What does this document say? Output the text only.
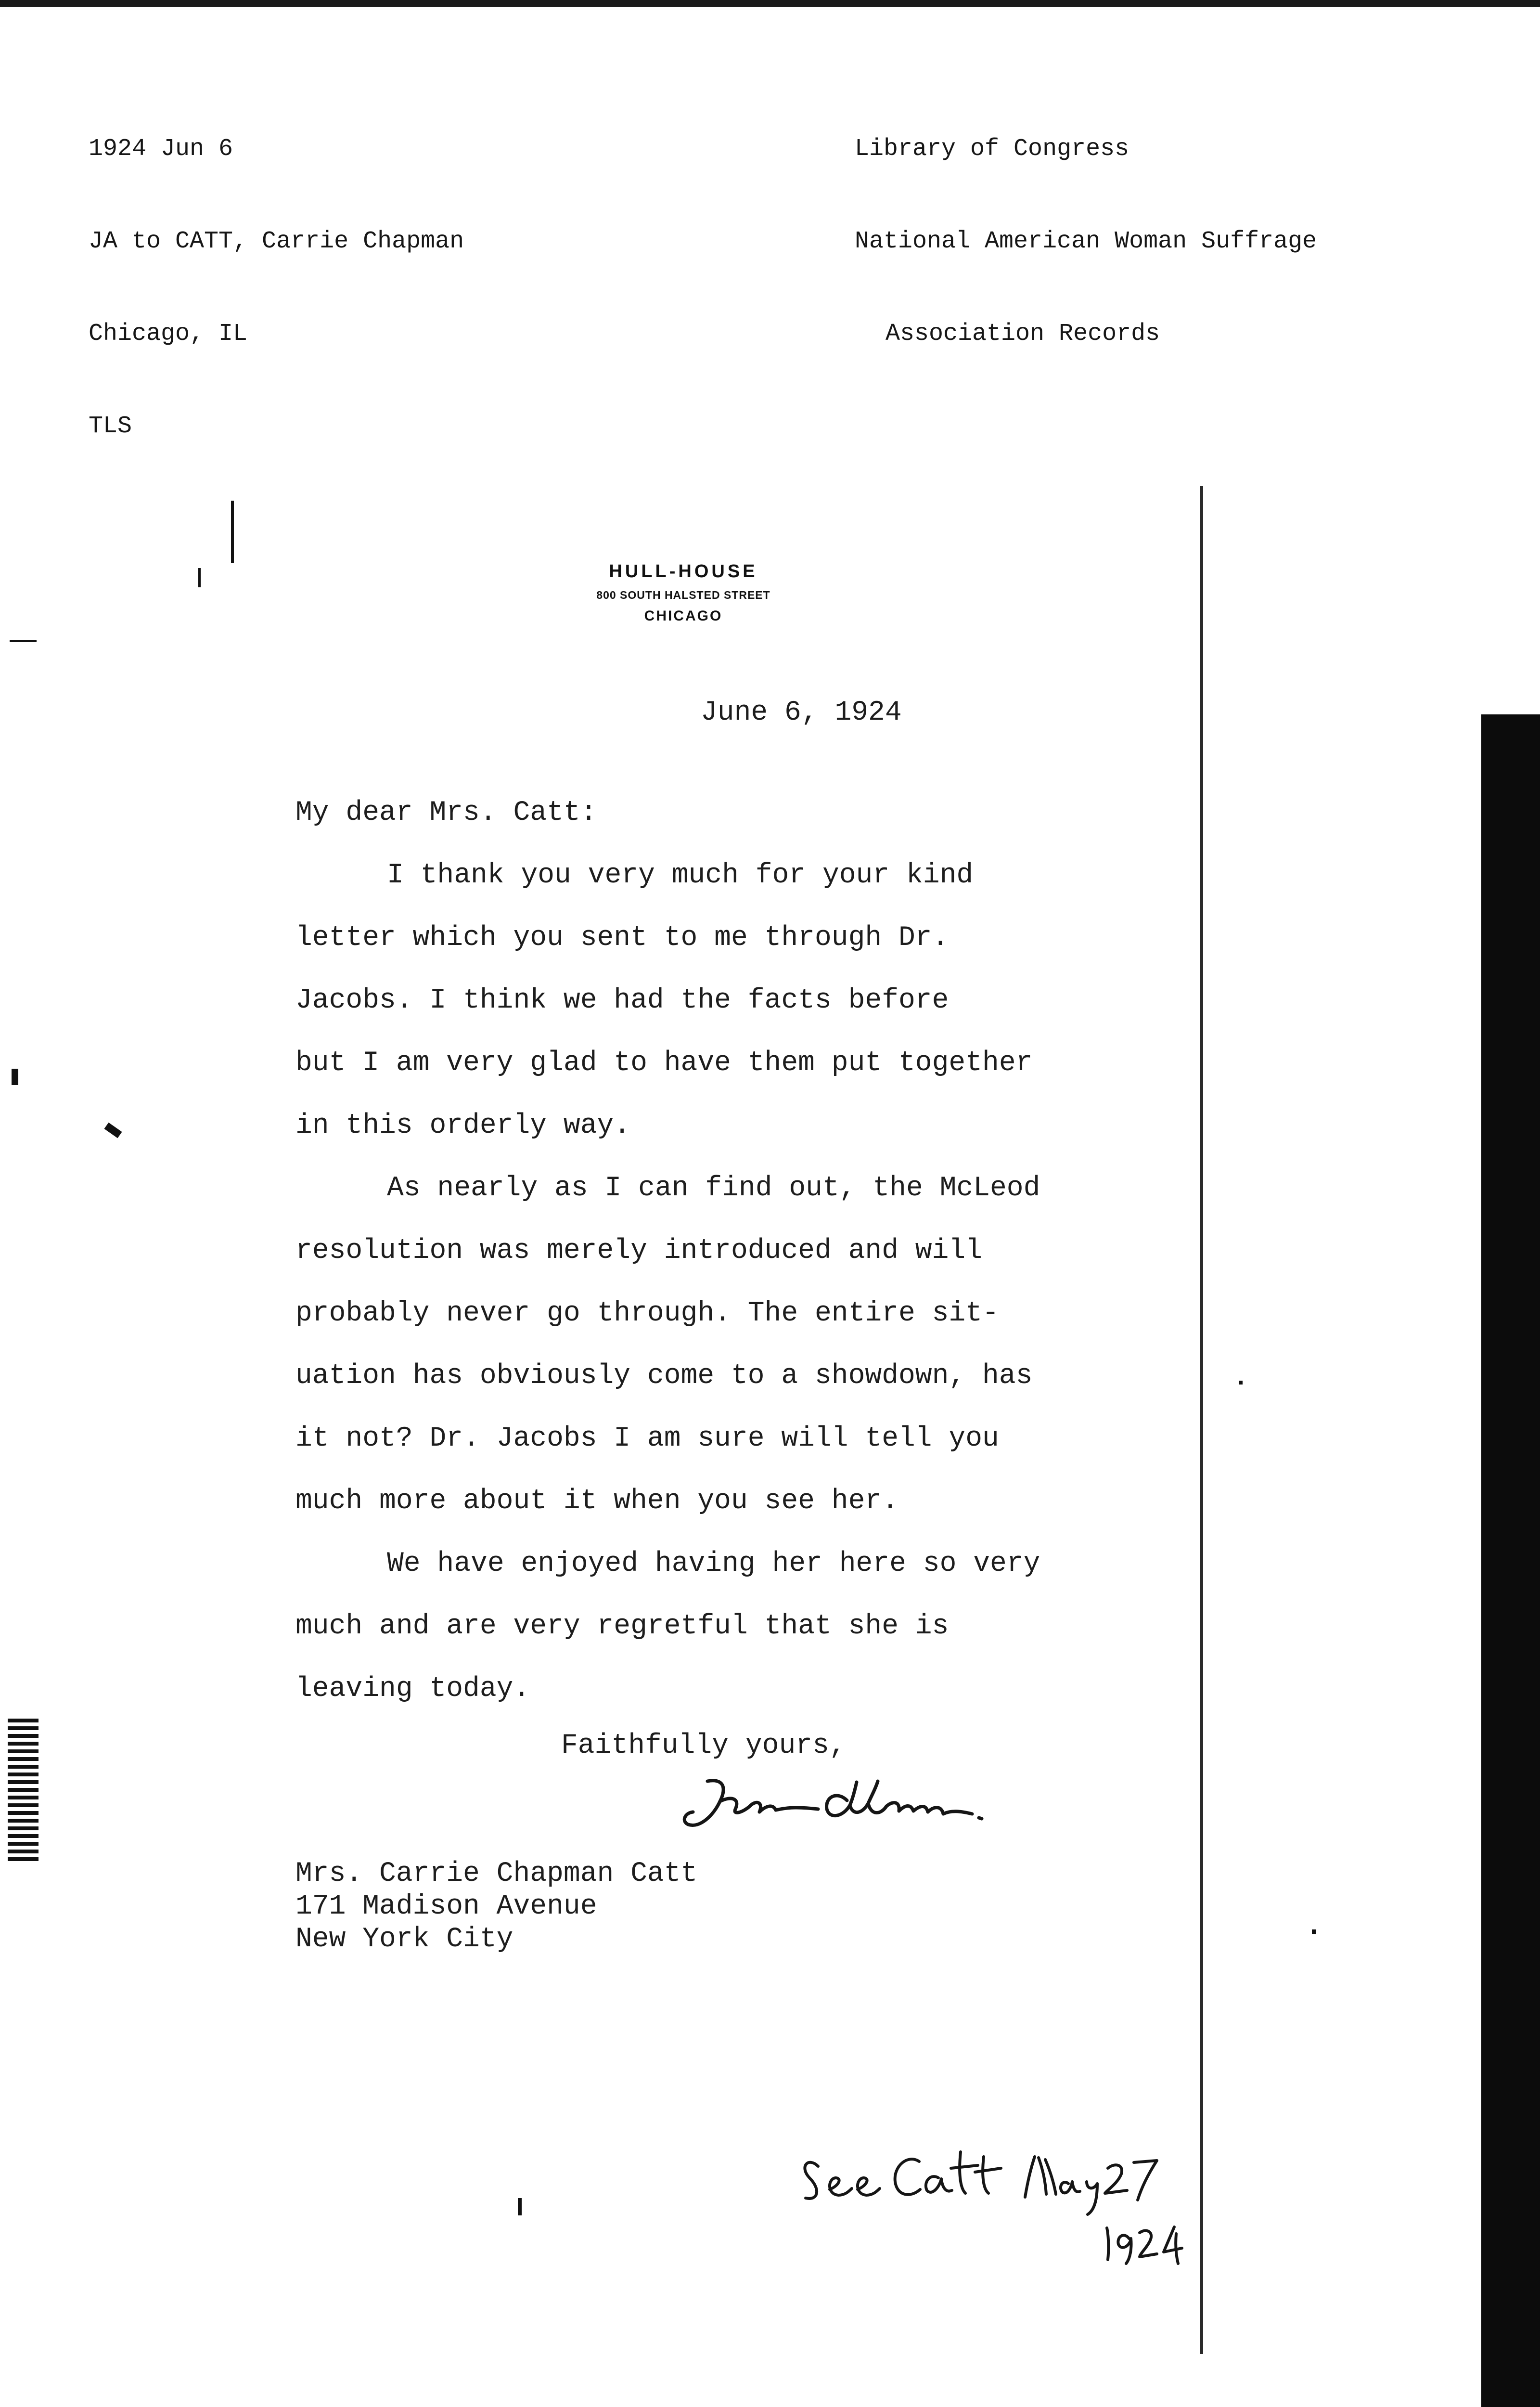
1924 Jun 6

JA to CATT, Carrie Chapman

Chicago, IL

TLS

Library of Congress

National American Woman Suffrage

Association Records

HULL-HOUSE
800 SOUTH HALSTED STREET
CHICAGO
June 6, 1924
My dear Mrs. Catt:
I thank you very much for your kind
letter which you sent to me through Dr.
Jacobs. I think we had the facts before
but I am very glad to have them put together
in this orderly way.
As nearly as I can find out, the McLeod
resolution was merely introduced and will
probably never go through. The entire sit-
uation has obviously come to a showdown, has
it not? Dr. Jacobs I am sure will tell you
much more about it when you see her.
We have enjoyed having her here so very
much and are very regretful that she is
leaving today.
Faithfully yours,
Mrs. Carrie Chapman Catt
171 Madison Avenue
New York City
